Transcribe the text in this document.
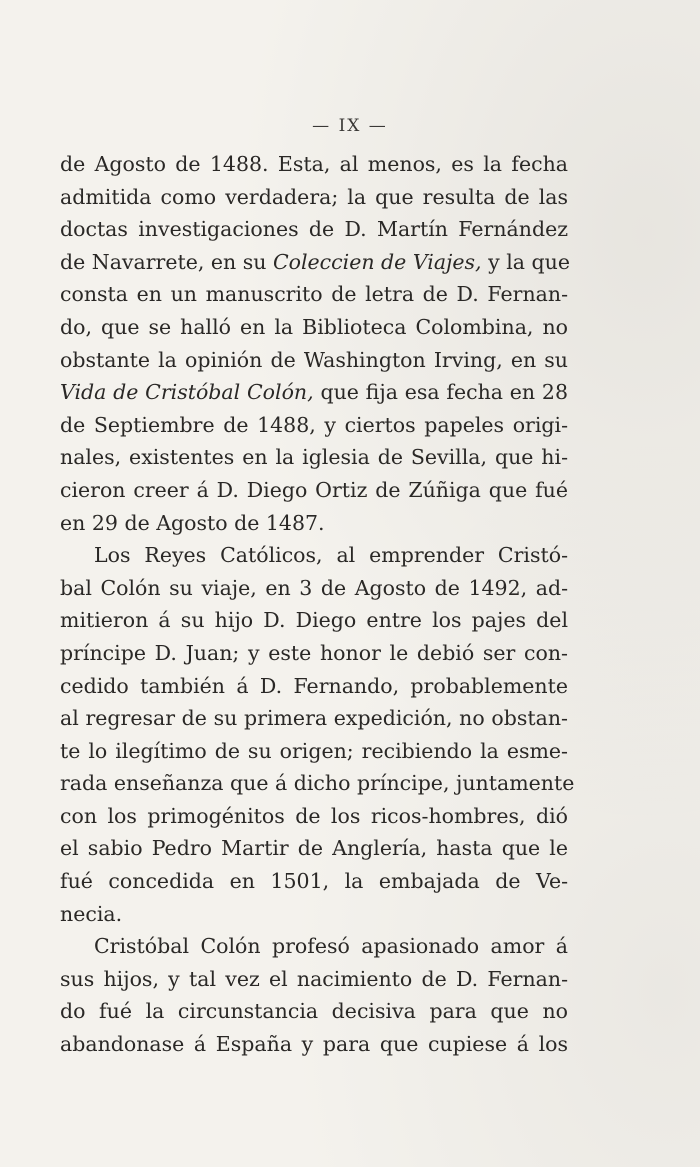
— IX —
de Agosto de 1488. Esta, al menos, es la fecha
admitida como verdadera; la que resulta de las
doctas investigaciones de D. Martín Fernández
de Navarrete, en su Coleccien de Viajes, y la que
consta en un manuscrito de letra de D. Fernan-
do, que se halló en la Biblioteca Colombina, no
obstante la opinión de Washington Irving, en su
Vida de Cristóbal Colón, que fija esa fecha en 28
de Septiembre de 1488, y ciertos papeles origi-
nales, existentes en la iglesia de Sevilla, que hi-
cieron creer á D. Diego Ortiz de Zúñiga que fué
en 29 de Agosto de 1487.
Los Reyes Católicos, al emprender Cristó-
bal Colón su viaje, en 3 de Agosto de 1492, ad-
mitieron á su hijo D. Diego entre los pajes del
príncipe D. Juan; y este honor le debió ser con-
cedido también á D. Fernando, probablemente
al regresar de su primera expedición, no obstan-
te lo ilegítimo de su origen; recibiendo la esme-
rada enseñanza que á dicho príncipe, juntamente
con los primogénitos de los ricos-hombres, dió
el sabio Pedro Martir de Anglería, hasta que le
fué concedida en 1501, la embajada de Ve-
necia.
Cristóbal Colón profesó apasionado amor á
sus hijos, y tal vez el nacimiento de D. Fernan-
do fué la circunstancia decisiva para que no
abandonase á España y para que cupiese á los
